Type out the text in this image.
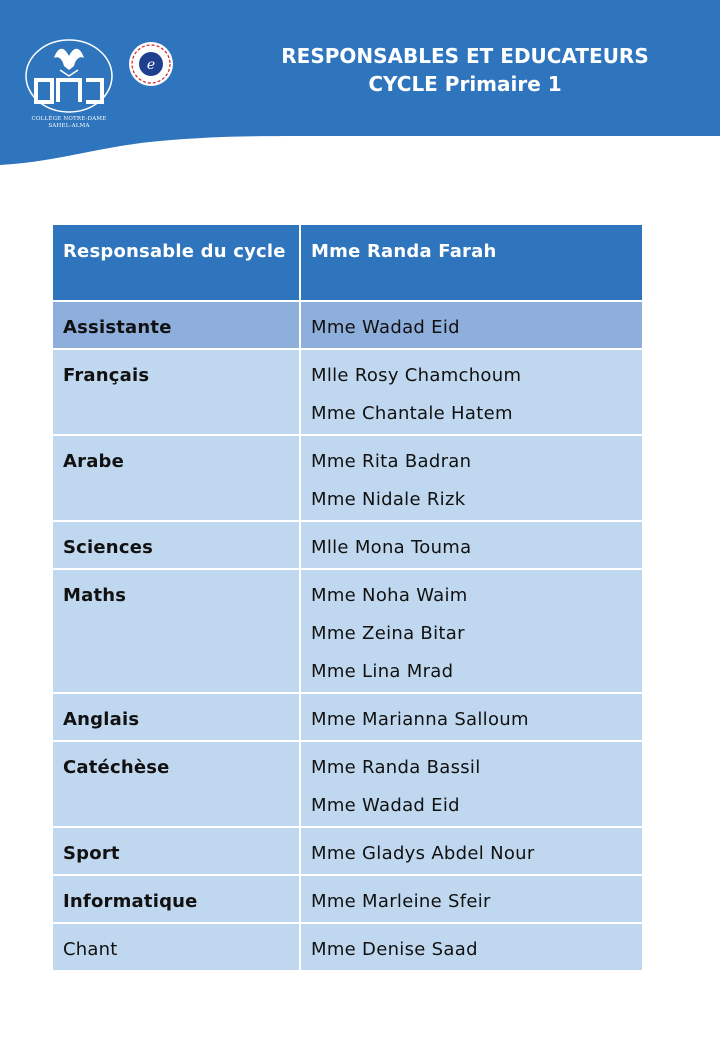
COLLÈGE NOTRE-DAME
SAHEL-ALMA
e	RESPONSABLES ET EDUCATEUR‌S
CYCLE Primaire 1
Responsable du cycle	Mme Randa Farah

Assistante	Mme Wadad Eid

Français	Mlle Rosy Chamchoum
Mme Chantale Hatem

Arabe	Mme Rita Badran
Mme Nidale Rizk

Sciences	Mlle Mona Touma

Maths	Mme Noha Waim
Mme Zeina Bitar
Mme Lina Mrad

Anglais	Mme Marianna Salloum

Catéchèse	Mme Randa Bassil
Mme Wadad Eid

Sport	Mme Gladys Abdel Nour

Informatique	Mme Marleine Sfeir

Chant	Mme Denise Saad
